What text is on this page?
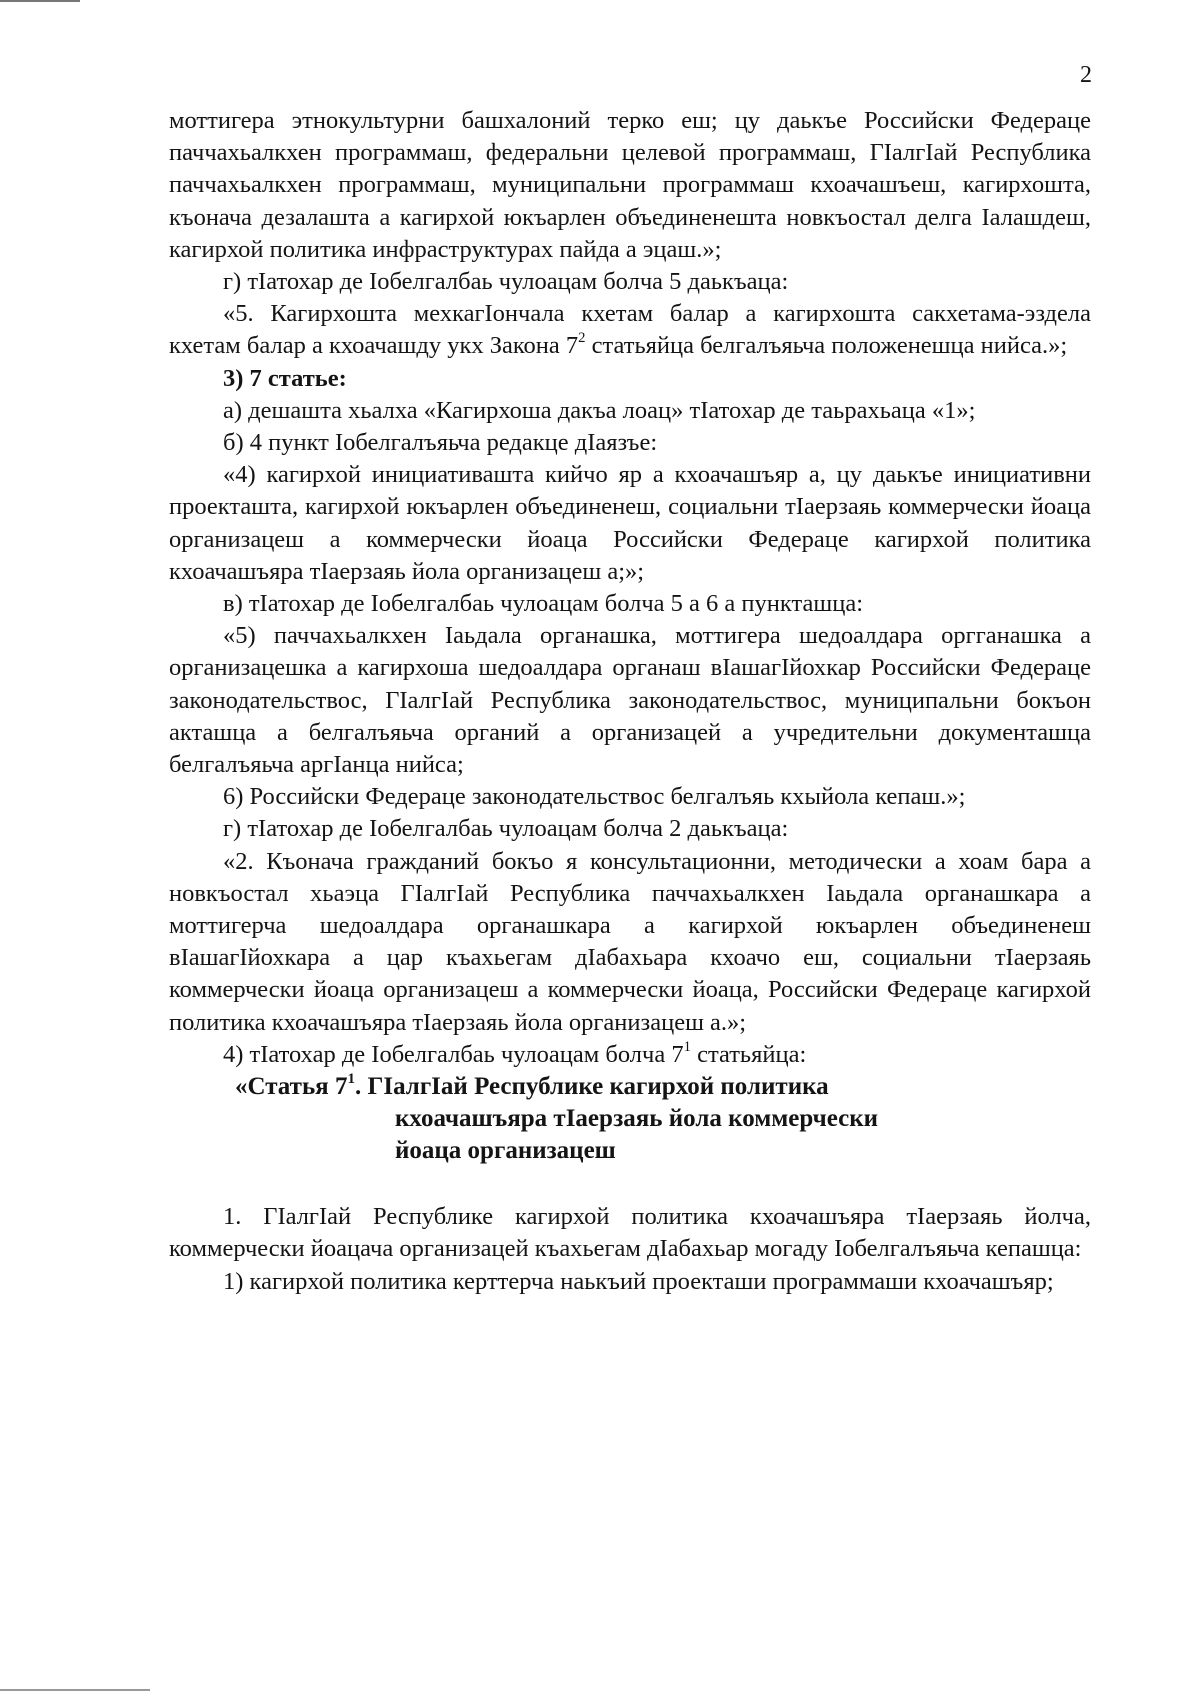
2

моттигера этнокультурни башхалоний терко еш; цу даькъе Российски Федераце паччахьалкхен программаш, федеральни целевой программаш, ГIалгIай Республика паччахьалкхен программаш, муниципальни программаш кхоачашъеш, кагирхошта, къонача дезалашта а кагирхой юкъарлен объединенешта новкъостал делга Iалашдеш, кагирхой политика инфраструктурах пайда а эцаш.»;

г) тIатохар де Iобелгалбаь чулоацам болча 5 даькъаца:

«5. Кагирхошта мехкагIончала кхетам балар а кагирхошта сакхетама-эздела кхетам балар а кхоачашду укх Закона $7^2$ статьяйца белгалъяьча положенешца нийса.»;

3) 7 статье:

а) дешашта хьалха «Кагирхоша дакъа лоац» тIатохар де таьрахьаца «1»;

б) 4 пункт Iобелгалъяьча редакце дIаязъе:

«4) кагирхой инициативашта кийчо яр а кхоачашъяр а, цу даькъе инициативни проекташта, кагирхой юкъарлен объединенеш, социальни тIаерзаяь коммерчески йоаца организацеш а коммерчески йоаца Российски Федераце кагирхой политика кхоачашъяра тIаерзаяь йола организацеш а;»;

в) тIатохар де Iобелгалбаь чулоацам болча 5 а 6 а пункташца:

«5) паччахьалкхен Iаьдала органашка, моттигера шедоалдара оргганашка а организацешка а кагирхоша шедоалдара органаш вIашагIйохкар Российски Федераце законодательствос, ГIалгIай Республика законодательствос, муниципальни бокъон акташца а белгалъяьча органий а организацей а учредительни документашца белгалъяьча аргIанца нийса;

6) Российски Федераце законодательствос белгалъяь кхыйола кепаш.»;

г) тIатохар де Iобелгалбаь чулоацам болча 2 даькъаца:

«2. Къонача гражданий бокъо я консультационни, методически а хоам бара а новкъостал хьаэца ГIалгIай Республика паччахьалкхен Iаьдала органашкара а моттигерча шедоалдара органашкара а кагирхой юкъарлен объединенеш вIашагIйохкара а цар къахьегам дIабахьара кхоачо еш, социальни тIаерзаяь коммерчески йоаца организацеш а коммерчески йоаца, Российски Федераце кагирхой политика кхоачашъяра тIаерзаяь йола организацеш а.»;

4) тIатохар де Iобелгалбаь чулоацам болча $7^1$ статьяйца:

«Статья $7^1$. ГIалгIай Республике кагирхой политика
кхоачашъяра тIаерзаяь йола коммерчески
йоаца организацеш

1. ГIалгIай Республике кагирхой политика кхоачашъяра тIаерзаяь йолча, коммерчески йоацача организацей къахьегам дIабахьар могаду Iобелгалъяьча кепашца:

1) кагирхой политика керттерча наькъий проекташи программаши кхоачашъяр;
